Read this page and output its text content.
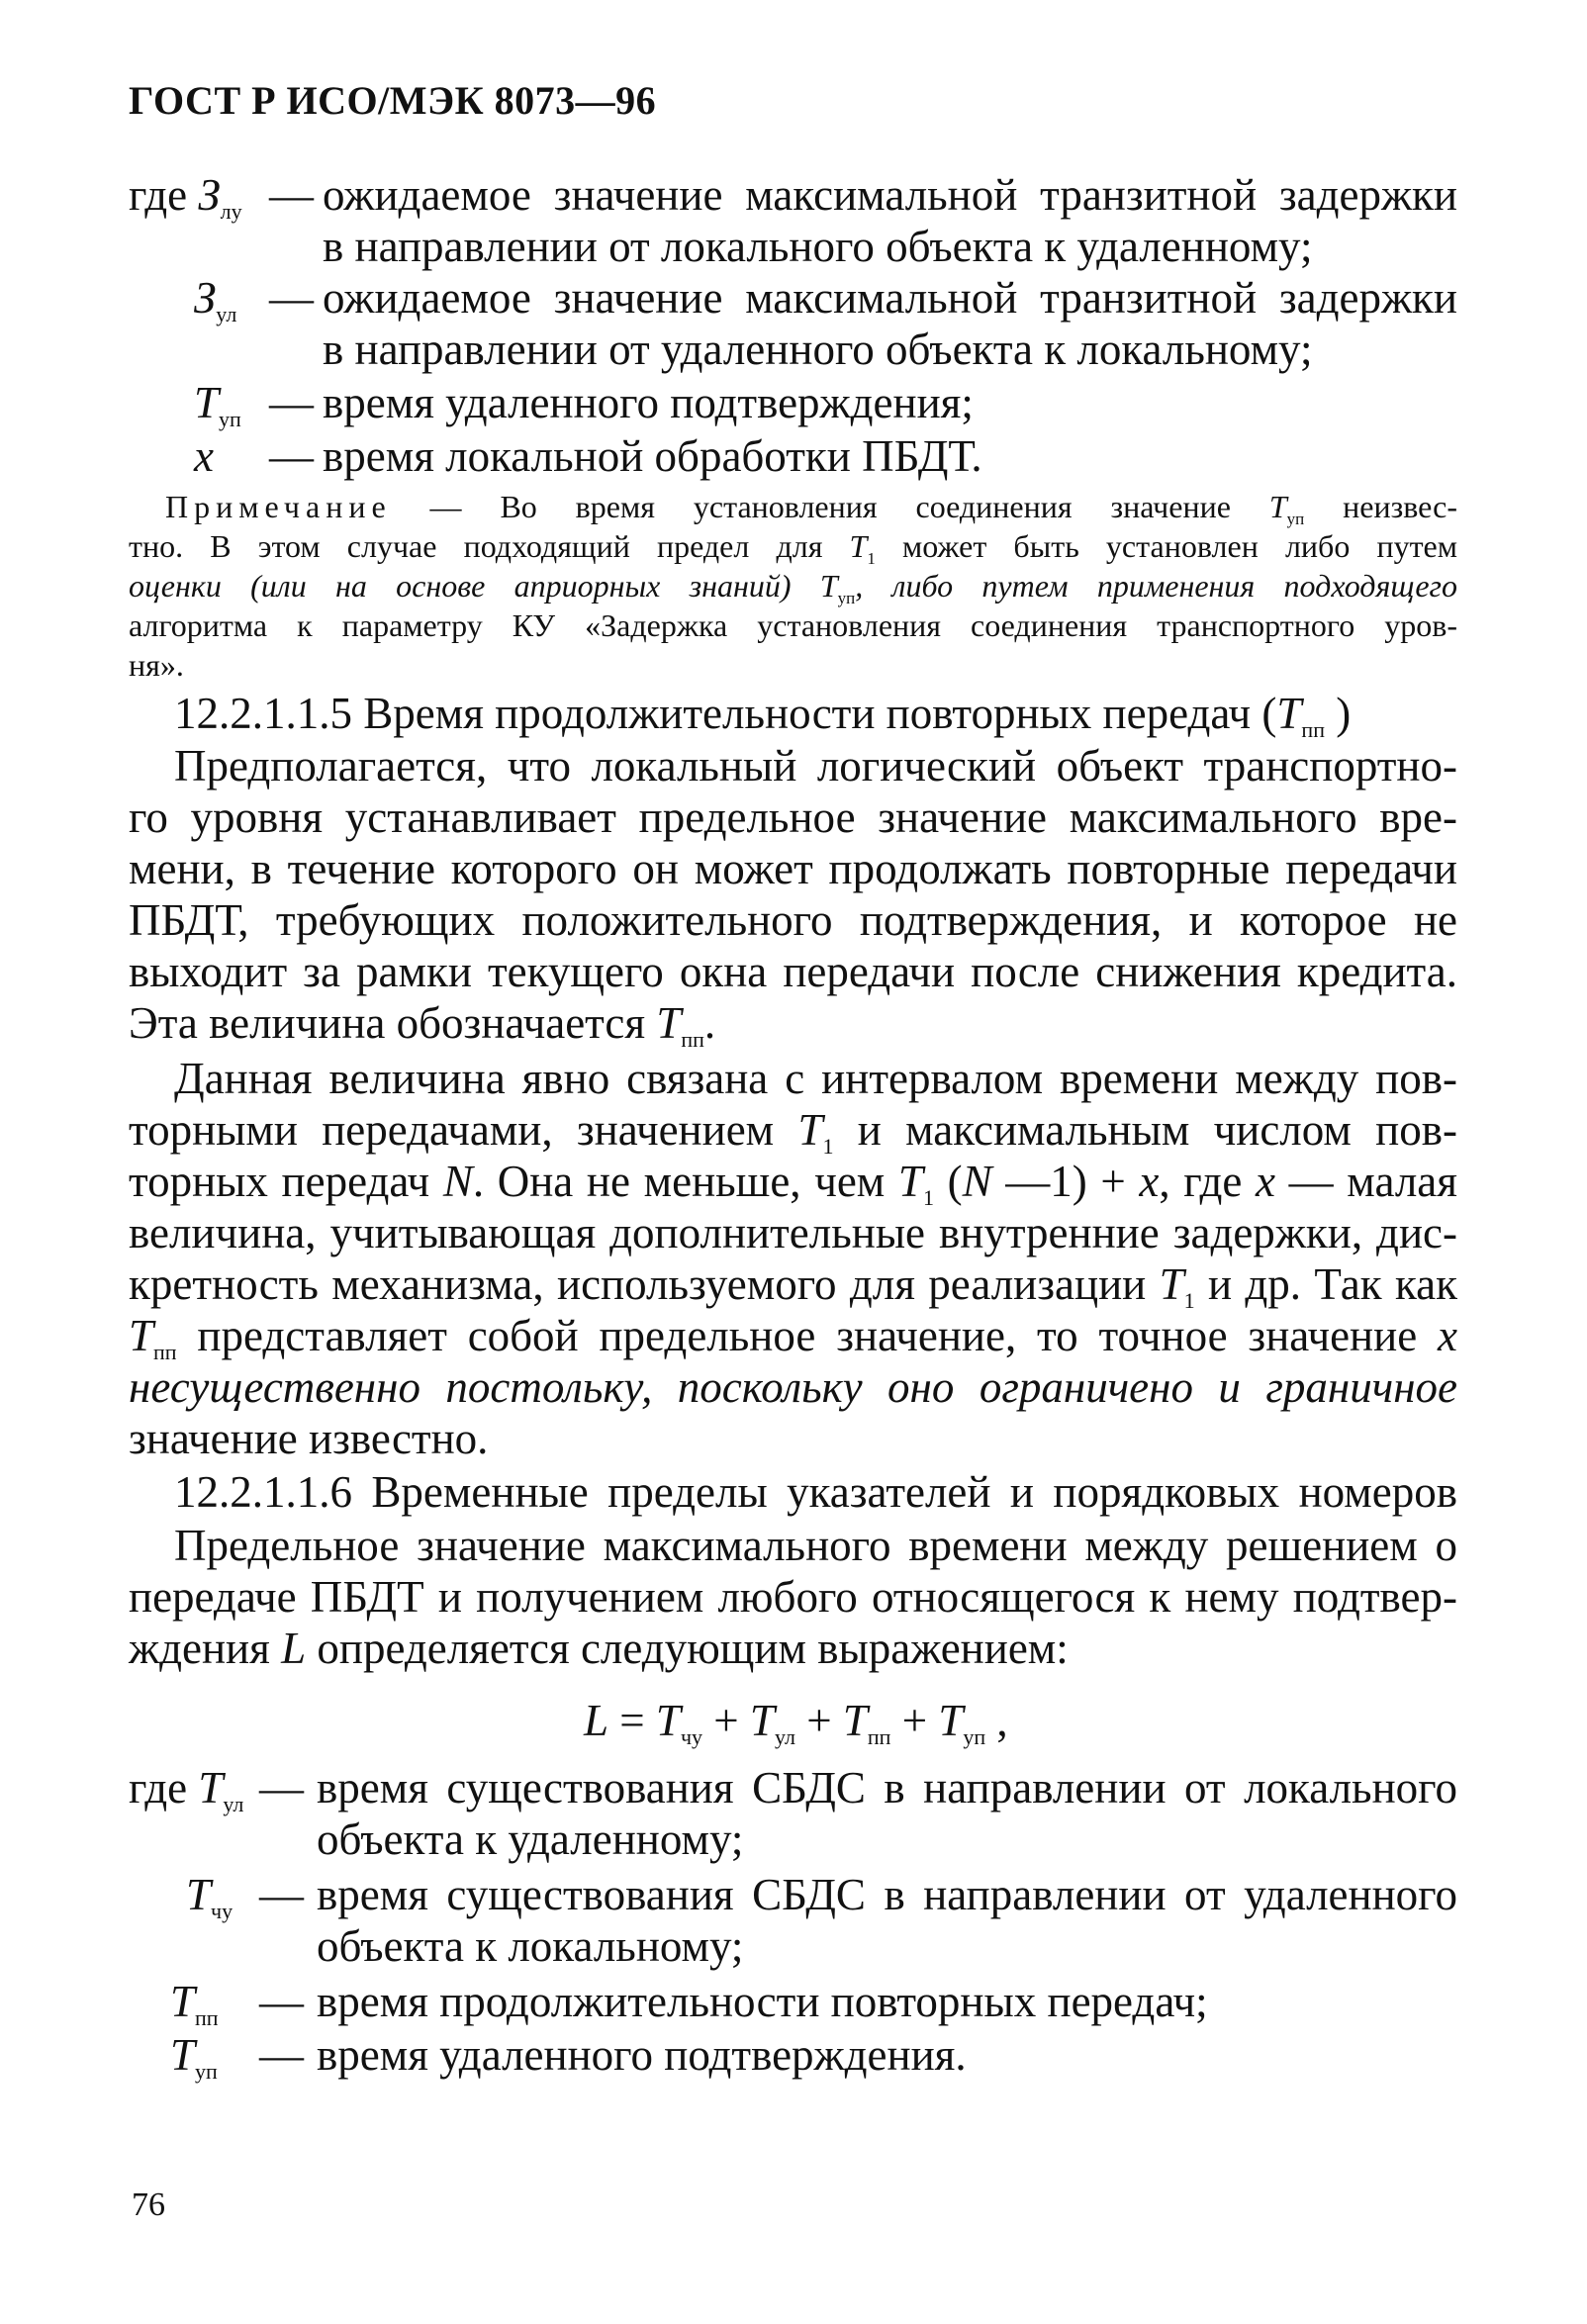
ГОСТ Р ИСО/МЭК 8073—96
где $З_{лу}$ — ожидаемое значение максимальной транзитной задержки
в направлении от локального объекта к удаленному;
$З_{ул}$ — ожидаемое значение максимальной транзитной задержки
в направлении от удаленного объекта к локальному;
$Т_{уп}$ — время удаленного подтверждения;
x — время локальной обработки ПБДТ.
Примечание — Во время установления соединения значение $Т_{уп}$ неизвес-
тно. В этом случае подходящий предел для $Т_1$ может быть установлен либо путем
оценки (или на основе априорных знаний) $Т_{уп}$, либо путем применения подходящего
алгоритма к параметру КУ «Задержка установления соединения транспортного уров-
ня».
12.2.1.1.5 Время продолжительности повторных передач ($Т_{пп}$ )
Предполагается, что локальный логический объект транспортно-
го уровня устанавливает предельное значение максимального вре-
мени, в течение которого он может продолжать повторные передачи
ПБДТ, требующих положительного подтверждения, и которое не
выходит за рамки текущего окна передачи после снижения кредита.
Эта величина обозначается $Т_{пп}$.
Данная величина явно связана с интервалом времени между пов-
торными передачами, значением $Т_1$ и максимальным числом пов-
торных передач N. Она не меньше, чем $Т_1$ (N —1) + x, где x — малая
величина, учитывающая дополнительные внутренние задержки, дис-
кретность механизма, используемого для реализации $Т_1$ и др. Так как
$Т_{пп}$ представляет собой предельное значение, то точное значение x
несущественно постольку, поскольку оно ограничено и граничное
значение известно.
12.2.1.1.6 Временные пределы указателей и порядковых номеров
Предельное значение максимального времени между решением о
передаче ПБДТ и получением любого относящегося к нему подтвер-
ждения L определяется следующим выражением:
$L = Т_{чу} + Т_{ул} + Т_{пп} + Т_{уп}$ ,
где $Т_{ул}$ — время существования СБДС в направлении от локального
объекта к удаленному;
$Т_{чу}$ — время существования СБДС в направлении от удаленного
объекта к локальному;
$Т_{пп}$ — время продолжительности повторных передач;
$Т_{уп}$ — время удаленного подтверждения.
76
